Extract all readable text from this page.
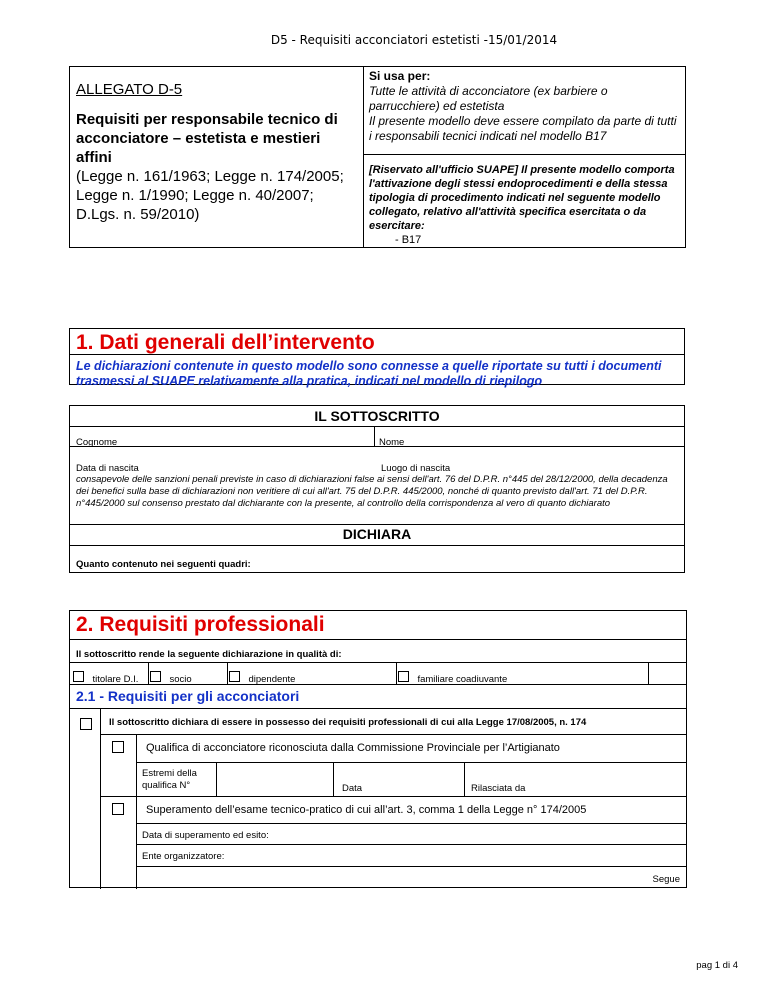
D5 - Requisiti acconciatori estetisti -15/01/2014
ALLEGATO D-5
Requisiti per responsabile tecnico di acconciatore – estetista e mestieri affini
(Legge n. 161/1963; Legge n. 174/2005; Legge n. 1/1990; Legge n. 40/2007; D.Lgs. n. 59/2010)
Si usa per:
Tutte le attività di acconciatore (ex barbiere o parrucchiere) ed estetista
Il presente modello deve essere compilato da parte di tutti i responsabili tecnici indicati nel modello B17
[Riservato all'ufficio SUAPE] Il presente modello comporta l'attivazione degli stessi endoprocedimenti e della stessa tipologia di procedimento indicati nel seguente modello collegato, relativo all'attività specifica esercitata o da esercitare:
- B17
1. Dati generali dell’intervento
Le dichiarazioni contenute in questo modello sono connesse a quelle riportate su tutti i documenti trasmessi al SUAPE relativamente alla pratica, indicati nel modello di riepilogo
IL SOTTOSCRITTO
Cognome	Nome
Data di nascita	Luogo di nascita
consapevole delle sanzioni penali previste in caso di dichiarazioni false ai sensi dell'art. 76 del D.P.R. n°445 del 28/12/2000, della decadenza dei benefici sulla base di dichiarazioni non veritiere di cui all'art. 75 del D.P.R. 445/2000, nonché di quanto previsto dall'art. 71 del D.P.R. n°445/2000 sul consenso prestato dal dichiarante con la presente, al controllo della corrispondenza al vero di quanto dichiarato
DICHIARA
Quanto contenuto nei seguenti quadri:
2. Requisiti professionali
Il sottoscritto rende la seguente dichiarazione in qualità di:
titolare D.I.	socio	dipendente	familiare coadiuvante
2.1 - Requisiti per gli acconciatori
Il sottoscritto dichiara di essere in possesso dei requisiti professionali di cui alla Legge 17/08/2005, n. 174
Qualifica di acconciatore riconosciuta dalla Commissione Provinciale per l’Artigianato
Estremi della qualifica N°	Data	Rilasciata da
Superamento dell’esame tecnico-pratico di cui all’art. 3, comma 1 della Legge n° 174/2005
Data di superamento ed esito:
Ente organizzatore:
Segue
pag 1 di 4
